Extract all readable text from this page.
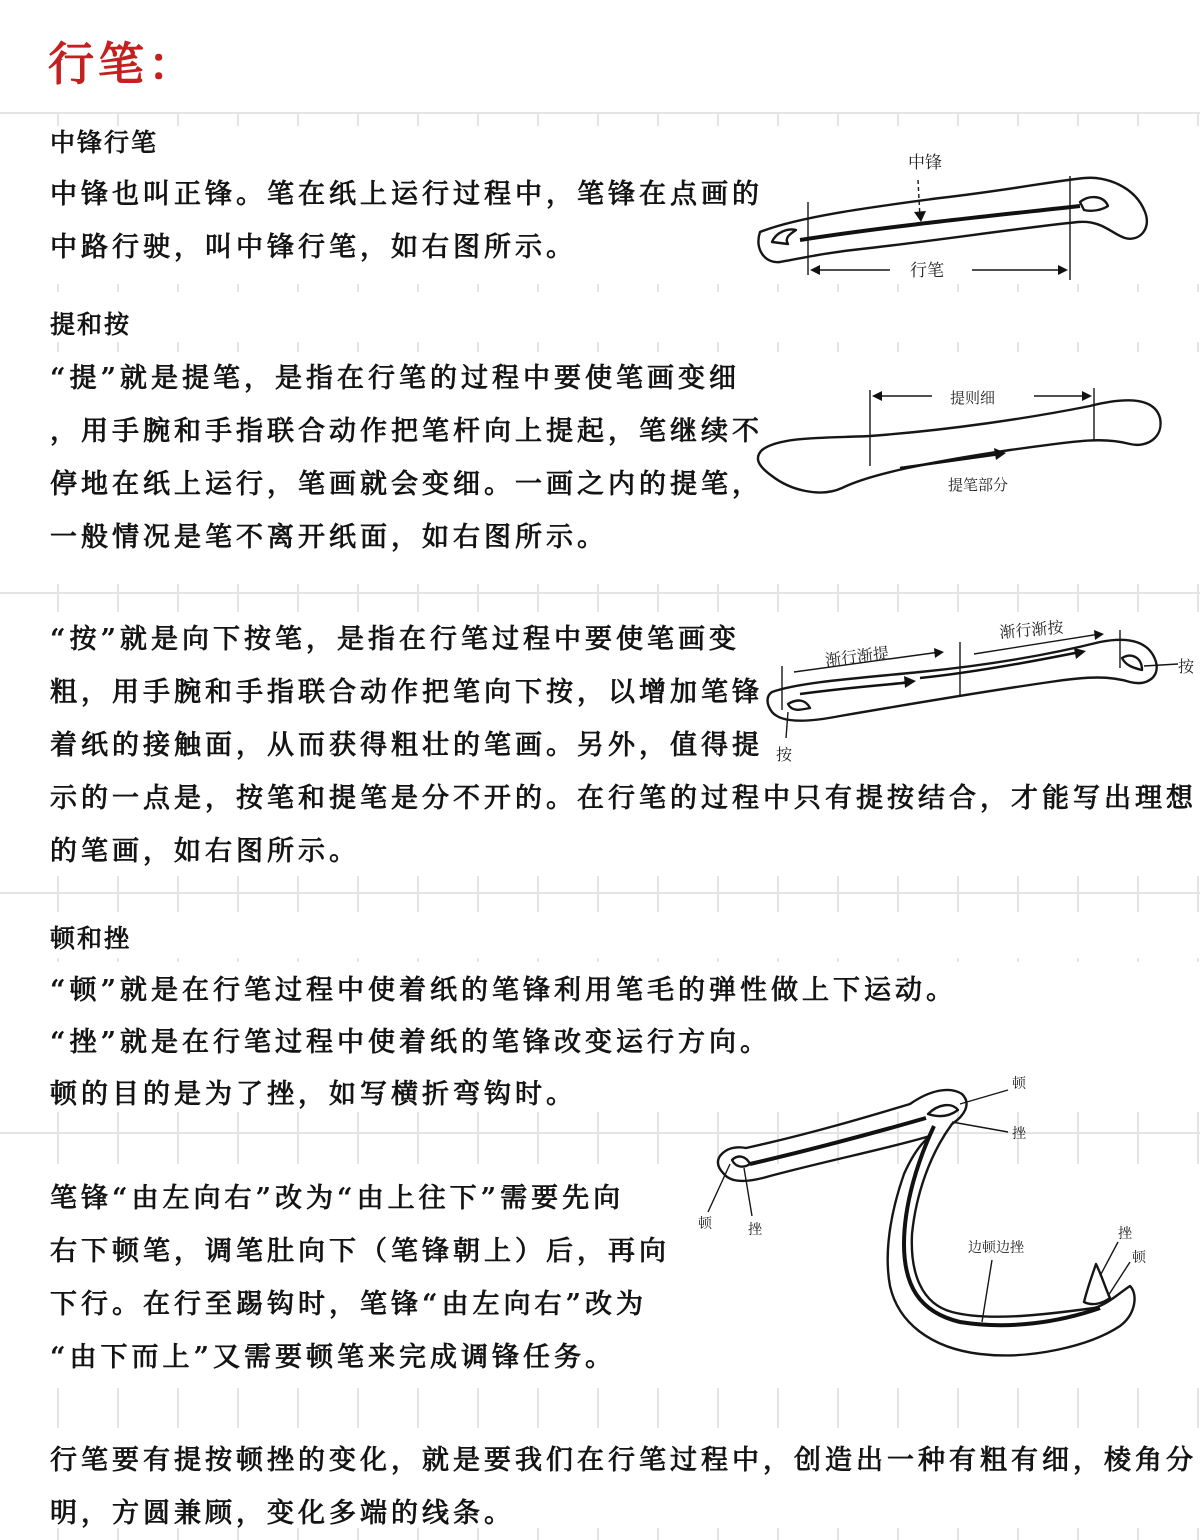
行笔：

中锋行笔

中锋也叫正锋。笔在纸上运行过程中，笔锋在点画的

中路行驶，叫中锋行笔，如右图所示。

中锋
行笔

提和按

“提”就是提笔，是指在行笔的过程中要使笔画变细

，用手腕和手指联合动作把笔杆向上提起，笔继续不

停地在纸上运行，笔画就会变细。一画之内的提笔，

一般情况是笔不离开纸面，如右图所示。

提则细
提笔部分

“按”就是向下按笔，是指在行笔过程中要使笔画变

粗，用手腕和手指联合动作把笔向下按，以增加笔锋

着纸的接触面，从而获得粗壮的笔画。另外，值得提

示的一点是，按笔和提笔是分不开的。在行笔的过程中只有提按结合，才能写出理想

的笔画，如右图所示。

渐行渐提
渐行渐按
按
按

顿和挫

“顿”就是在行笔过程中使着纸的笔锋利用笔毛的弹性做上下运动。

“挫”就是在行笔过程中使着纸的笔锋改变运行方向。

顿的目的是为了挫，如写横折弯钩时。

笔锋“由左向右”改为“由上往下”需要先向

右下顿笔，调笔肚向下（笔锋朝上）后，再向

下行。在行至踢钩时，笔锋“由左向右”改为

“由下而上”又需要顿笔来完成调锋任务。

顿
挫
顿	挫
边顿边挫
挫
顿

行笔要有提按顿挫的变化，就是要我们在行笔过程中，创造出一种有粗有细，棱角分

明，方圆兼顾，变化多端的线条。
